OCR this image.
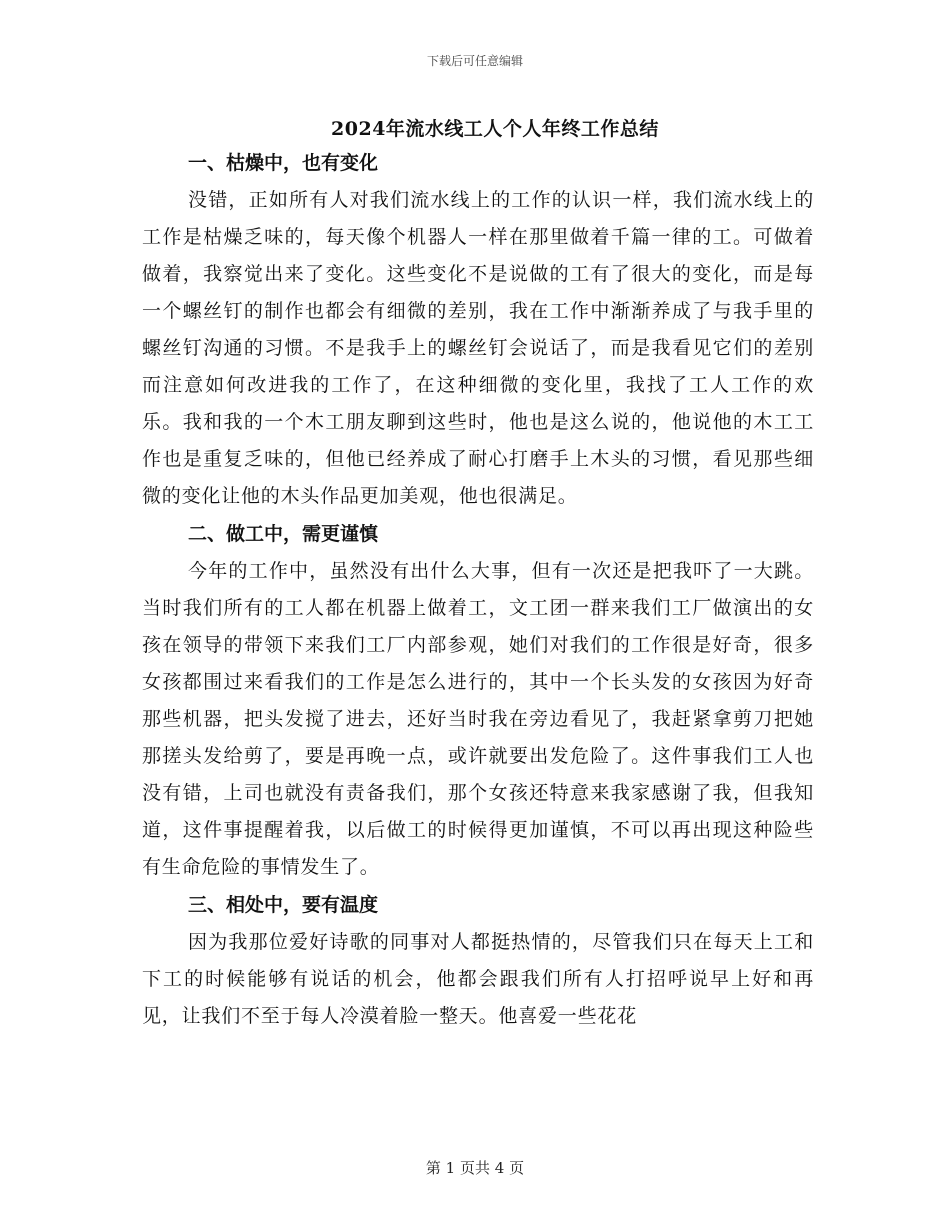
下载后可任意编辑
2024年流水线工人个人年终工作总结
一、枯燥中，也有变化

没错，正如所有人对我们流水线上的工作的认识一样，我们流水线上的工作是枯燥乏味的，每天像个机器人一样在那里做着千篇一律的工。可做着做着，我察觉出来了变化。这些变化不是说做的工有了很大的变化，而是每一个螺丝钉的制作也都会有细微的差别，我在工作中渐渐养成了与我手里的螺丝钉沟通的习惯。不是我手上的螺丝钉会说话了，而是我看见它们的差别而注意如何改进我的工作了，在这种细微的变化里，我找了工人工作的欢乐。我和我的一个木工朋友聊到这些时，他也是这么说的，他说他的木工工作也是重复乏味的，但他已经养成了耐心打磨手上木头的习惯，看见那些细微的变化让他的木头作品更加美观，他也很满足。

二、做工中，需更谨慎

今年的工作中，虽然没有出什么大事，但有一次还是把我吓了一大跳。当时我们所有的工人都在机器上做着工，文工团一群来我们工厂做演出的女孩在领导的带领下来我们工厂内部参观，她们对我们的工作很是好奇，很多女孩都围过来看我们的工作是怎么进行的，其中一个长头发的女孩因为好奇那些机器，把头发搅了进去，还好当时我在旁边看见了，我赶紧拿剪刀把她那搓头发给剪了，要是再晚一点，或许就要出发危险了。这件事我们工人也没有错，上司也就没有责备我们，那个女孩还特意来我家感谢了我，但我知道，这件事提醒着我，以后做工的时候得更加谨慎，不可以再出现这种险些有生命危险的事情发生了。

三、相处中，要有温度

因为我那位爱好诗歌的同事对人都挺热情的，尽管我们只在每天上工和下工的时候能够有说话的机会，他都会跟我们所有人打招呼说早上好和再见，让我们不至于每人冷漠着脸一整天。他喜爱一些花花

第 1 页共 4 页
